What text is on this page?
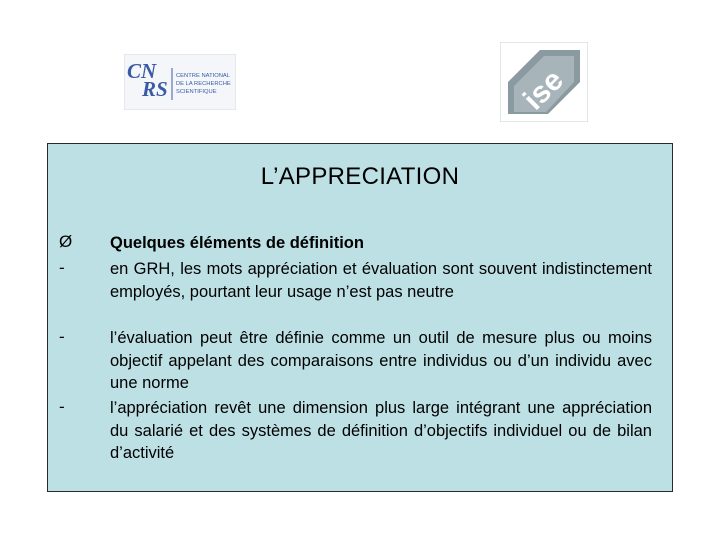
CN
RS
CENTRE NATIONAL
DE LA RECHERCHE
SCIENTIFIQUE	ise
L’APPRECIATION
Ø Quelques éléments de définition
-	en GRH, les mots appréciation et évaluation sont souvent indistinctement employés, pourtant leur usage n’est pas neutre
-	l’évaluation peut être définie comme un outil de mesure plus ou moins objectif appelant des comparaisons entre individus ou d’un individu avec une norme
-	l’appréciation revêt une dimension plus large intégrant une appréciation du salarié et des systèmes de définition d’objectifs individuel ou de bilan d’activité
